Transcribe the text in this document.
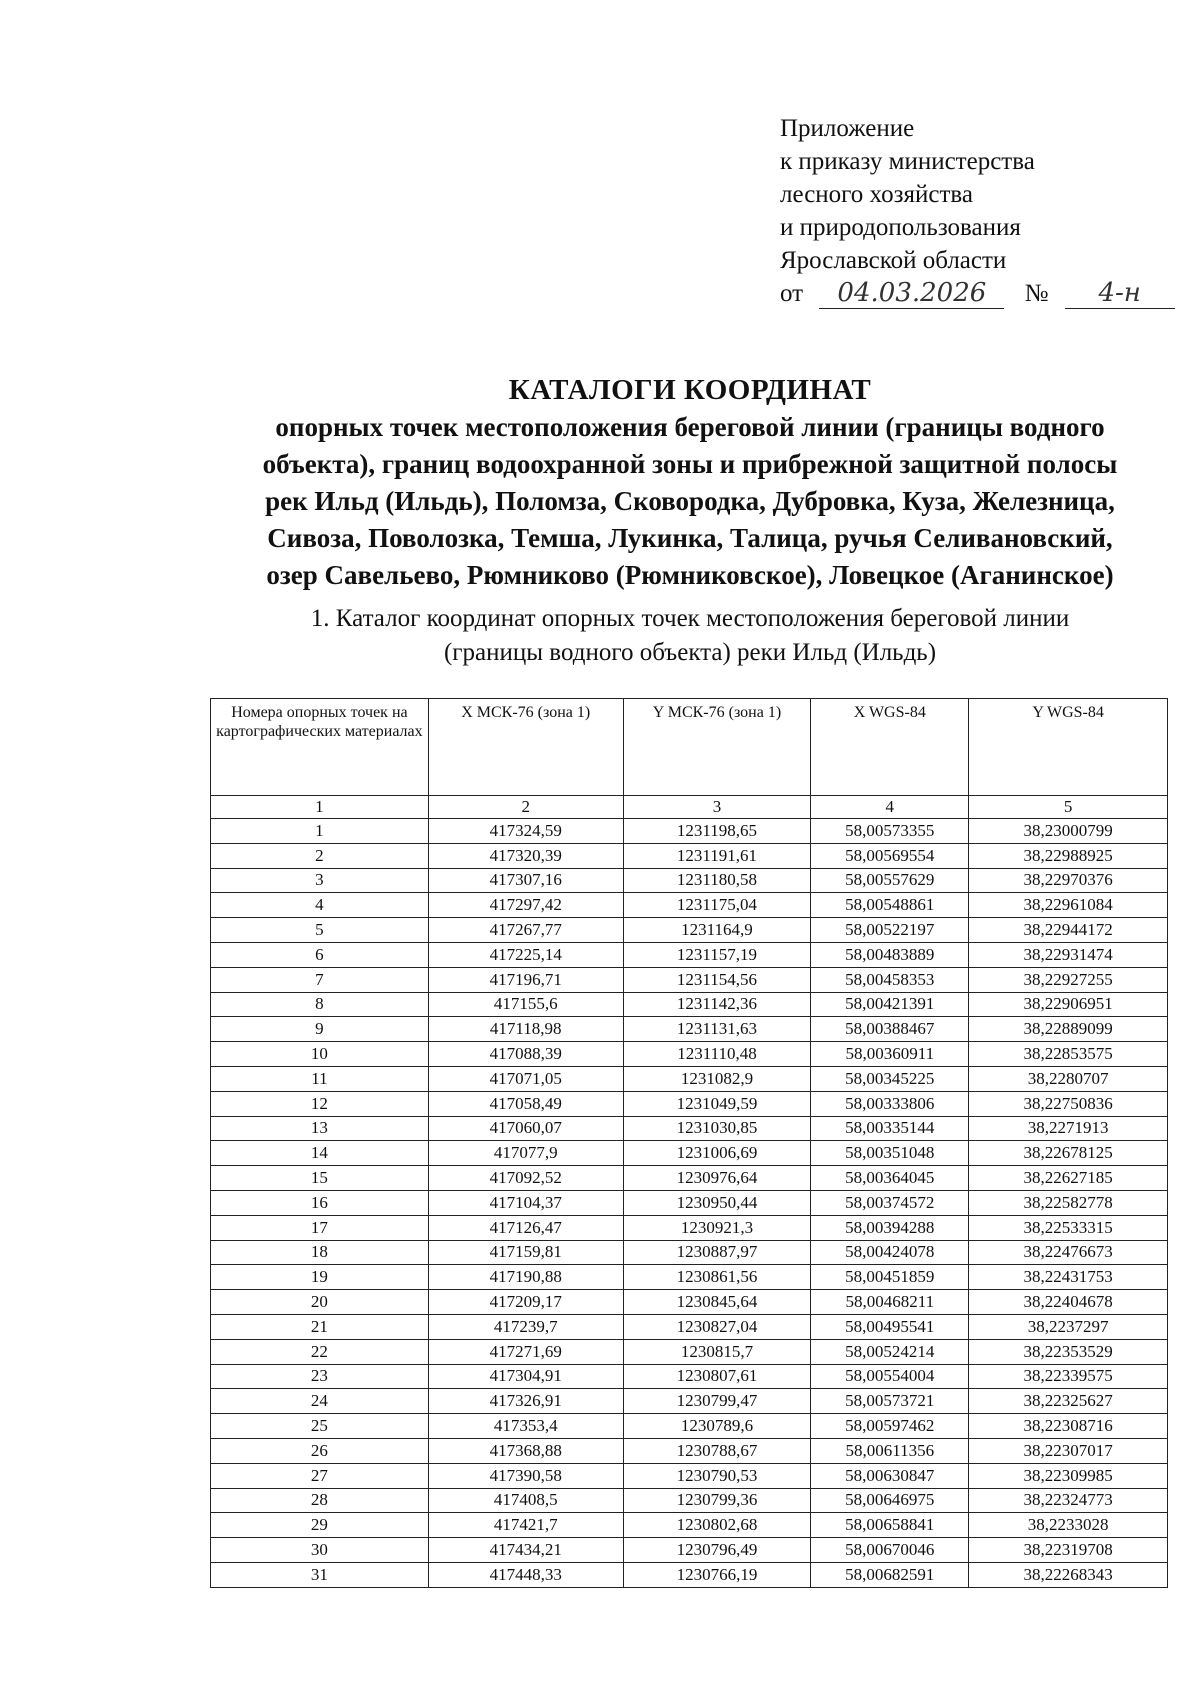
Приложение
к приказу министерства
лесного хозяйства
и природопользования
Ярославской области
от 04.03.2026 № 4-н
КАТАЛОГИ КООРДИНАТ
опорных точек местоположения береговой линии (границы водного
объекта), границ водоохранной зоны и прибрежной защитной полосы
рек Ильд (Ильдь), Поломза, Сковородка, Дубровка, Куза, Железница,
Сивоза, Поволозка, Темша, Лукинка, Талица, ручья Селивановский,
озер Савельево, Рюмниково (Рюмниковское), Ловецкое (Аганинское)
1. Каталог координат опорных точек местоположения береговой линии
(границы водного объекта) реки Ильд (Ильдь)
Номера опорных точек на картографических материалах	X МСК-76 (зона 1)	Y МСК-76 (зона 1)	X WGS-84	Y WGS-84
1	2	3	4	5
1	417324,59	1231198,65	58,00573355	38,23000799
2	417320,39	1231191,61	58,00569554	38,22988925
3	417307,16	1231180,58	58,00557629	38,22970376
4	417297,42	1231175,04	58,00548861	38,22961084
5	417267,77	1231164,9	58,00522197	38,22944172
6	417225,14	1231157,19	58,00483889	38,22931474
7	417196,71	1231154,56	58,00458353	38,22927255
8	417155,6	1231142,36	58,00421391	38,22906951
9	417118,98	1231131,63	58,00388467	38,22889099
10	417088,39	1231110,48	58,00360911	38,22853575
11	417071,05	1231082,9	58,00345225	38,2280707
12	417058,49	1231049,59	58,00333806	38,22750836
13	417060,07	1231030,85	58,00335144	38,2271913
14	417077,9	1231006,69	58,00351048	38,22678125
15	417092,52	1230976,64	58,00364045	38,22627185
16	417104,37	1230950,44	58,00374572	38,22582778
17	417126,47	1230921,3	58,00394288	38,22533315
18	417159,81	1230887,97	58,00424078	38,22476673
19	417190,88	1230861,56	58,00451859	38,22431753
20	417209,17	1230845,64	58,00468211	38,22404678
21	417239,7	1230827,04	58,00495541	38,2237297
22	417271,69	1230815,7	58,00524214	38,22353529
23	417304,91	1230807,61	58,00554004	38,22339575
24	417326,91	1230799,47	58,00573721	38,22325627
25	417353,4	1230789,6	58,00597462	38,22308716
26	417368,88	1230788,67	58,00611356	38,22307017
27	417390,58	1230790,53	58,00630847	38,22309985
28	417408,5	1230799,36	58,00646975	38,22324773
29	417421,7	1230802,68	58,00658841	38,2233028
30	417434,21	1230796,49	58,00670046	38,22319708
31	417448,33	1230766,19	58,00682591	38,22268343
